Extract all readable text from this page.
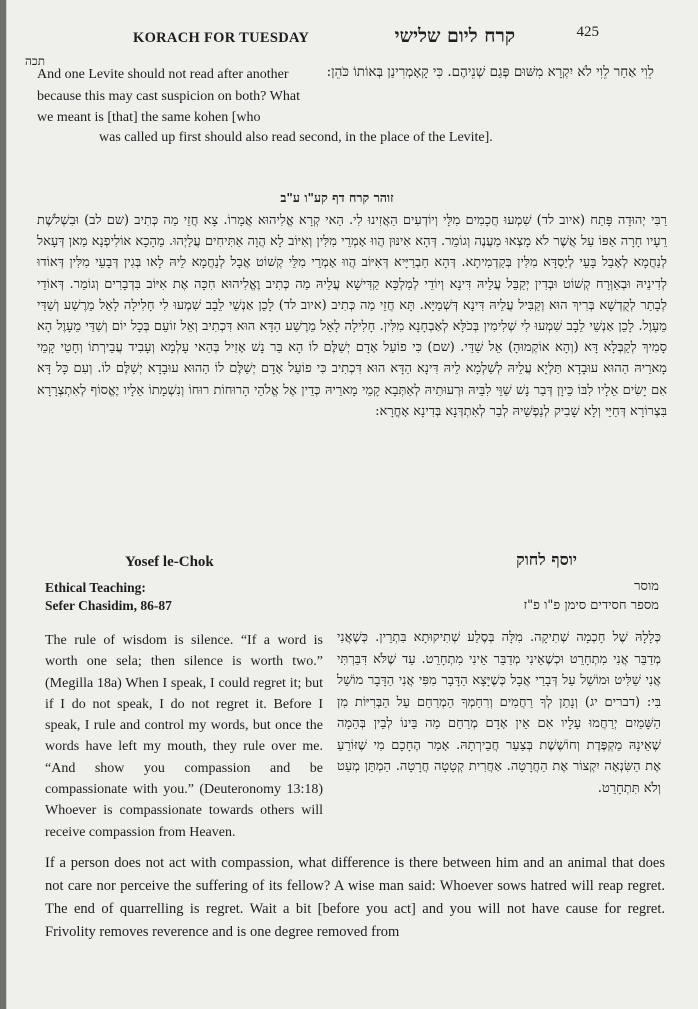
תכה
KORACH FOR TUESDAY	קרח ליום שלישי	425
And one Levite should not read after another because this may cast suspicion on both? What we meant is [that] the same kohen [who
לֵוִי אַחַר לֵוִי לֹא יִקְרָא מִשּׁוּם פְּגַם שְׁנֵיהֶם. כִּי קָאָמְרִינַן בְּאוֹתוֹ כֹּהֵן:
was called up first should also read second, in the place of the Levite].
זוהר קרח דף קע"ו ע"ב
רַבִּי יְהוּדָה פָּתַח (איוב לד) שִׁמְעוּ חֲכָמִים מִלָּי וְיוֹדְעִים הַאֲזִינוּ לִי. הַאי קְרָא אֱלִיהוּא אֲמָרוֹ. צָא חֲזֵי מַה כְּתִיב (שם לב) וּבִשְׁלֹשֶׁת רֵעָיו חָרָה אַפּוֹ עַל אֲשֶׁר לֹא מָצְאוּ מַעֲנֶה וְגוֹמֵר. דְּהָא אִינּוּן הֲווּ אָמְרֵי מִלִּין וְאִיּוֹב לָא הֲוָה אַתִּיחִים עֲלַיְהוּ. מֵהָכָא אוֹלִיפְנָא מַאן דְּעָאל לְנַחֲמָא לְאָבֵל בָּעֵי לְיַסְדָּא מִלִּין בְּקַדְמִיתָא. דְּהָא חַבְרַיָּיא דְּאִיּוֹב הֲווּ אָמְרֵי מִלֵּי קְשׁוֹט אֲבָל לְנַחֲמָא לֵיהּ לָאו בְּגִין דְּבָעֵי מִלִּין דְּאוֹדוּ לְדִינֵיהּ וּבְאַוְּרָח קְשׁוֹט וּבְדִין יְקַבֵּל עֲלֵיהּ דִּינָא וְיוֹדֵי לְמַלְכָּא קַדִּישָׁא עֲלֵיהּ מַה כְּתִיב וֶאֱלִיהוּא חִכָּה אֶת אִיּוֹב בִּדְבָרִים וְגוֹמֵר. דְּאוֹדֵי לְבָתַר לְקֻדְשָׁא בְּרִיךְ הוּא וְקַבִּיל עֲלֵיהּ דִּינָא דְּשְׁמַיָּא. תָּא חֲזֵי מַה כְּתִיב (איוב לד) לָכֵן אַנְשֵׁי לֵבָב שִׁמְעוּ לִי חָלִילָה לָאֵל מֵרֶשַׁע וְשַׁדַּי מֵעָוֶל. לָכֵן אַנְשֵׁי לֵבָב שִׁמְעוּ לִי שְׁלִימִין בְּכֹלָּא לְאַבְחָנָא מִלִּין. חָלִילָה לָאֵל מֵרֶשַׁע הַדָּא הוּא דִּכְתִיב וְאֵל זוֹעֵם בְּכָל יוֹם וְשַׁדַּי מֵעָוֶל הָא סָמִיךְ לְקַבְּלָא דָּא (וְהָא אוֹקְמוּהָ) אֵל שַׁדַּי. (שם) כִּי פוֹעַל אָדָם יְשַׁלֶּם לוֹ הָא בַּר נָשׁ אָזִיל בְּהַאי עָלְמָא וְעָבִיד עֲבֵירְתוֹ וְחָטֵי קָמֵי מָארֵיהּ הַהוּא עוּבָדָא תַּלְיָא עֲלֵיהּ לְשַׁלְמָא לֵיהּ דִּינָא הַדָּא הוּא דִּכְתִיב כִּי פוֹעַל אָדָם יְשַׁלֶּם לוֹ הַהוּא עוּבָדָא יְשַׁלֶּם לוֹ. וְעִם כָּל דָּא אִם יָשִׂים אֵלָיו לִבּוֹ כֵּיוָן דְּבַר נָשׁ שַׁוֵּי לִבֵּיהּ וּרְעוּתֵיהּ לְאַתְּבָא קָמֵי מָארֵיהּ כְּדֵין אֶל אֱלֹהֵי הָרוּחוֹת רוּחוֹ וְנִשְׁמָתוֹ אֵלָיו יֶאֱסוֹף לְאִתְצְרָרָא בִּצְרוֹרָא דְּחַיֵּי וְלָא שָׁבִיק לְנַפְשֵׁיהּ לְבַר לְאִתְדְּנָא בְּדִינָא אָחֳרָא:
Yosef le-Chok	יוסף לחוק
Ethical Teaching:
Sefer Chasidim, 86-87
מוסר
מספר חסידים סימן פ"ו פ"ז
The rule of wisdom is silence. “If a word is worth one sela; then silence is worth two.” (Megilla 18a) When I speak, I could regret it; but if I do not speak, I do not regret it. Before I speak, I rule and control my words, but once the words have left my mouth, they rule over me. “And show you compassion and be compassionate with you.” (Deuteronomy 13:18) Whoever is compassionate towards others will receive compassion from Heaven.
כְּלָלָהּ שֶׁל חָכְמָה שְׁתִיקָה. מִלָּה בְּסֶלַע שְׁתִיקוּתָא בִּתְרֵין. כְּשֶׁאֲנִי מְדַבֵּר אֲנִי מִתְחָרֵט וּכְשֶׁאֵינִי מְדַבֵּר אֵינִי מִתְחָרֵט. עַד שֶׁלֹּא דִּבַּרְתִּי אֲנִי שַׁלִּיט וּמוֹשֵׁל עַל דְּבָרַי אֲבָל כְּשֶׁיָּצָא הַדָּבָר מִפִּי אֲנִי הַדָּבָר מוֹשֵׁל בִּי: (דברים יג) וְנָתַן לְךָ רַחֲמִים וְרִחַמְךָ הַמְרַחֵם עַל הַבְּרִיּוֹת מִן הַשָּׁמַיִם יְרַחֲמוּ עָלָיו אִם אֵין אָדָם מְרַחֵם מַה בֵּינוֹ לְבֵין בְּהֵמָה שֶׁאֵינָהּ מַקְפֶּדֶת וְחוֹשֶׁשֶׁת בְּצַעַר חֲבֵירְתָהּ. אָמַר הֶחָכָם מִי שֶׁזּוֹרֵעַ אֶת הַשִּׂנְאָה יִקְצוֹר אֶת הַחֲרָטָה. אַחֲרִית קְטָטָה חֲרָטָה. הַמְתֵּן מְעַט וְלֹא תִּתְחָרֵט.
If a person does not act with compassion, what difference is there between him and an animal that does not care nor perceive the suffering of its fellow? A wise man said: Whoever sows hatred will reap regret. The end of quarrelling is regret. Wait a bit [before you act] and you will not have cause for regret. Frivolity removes reverence and is one degree removed from
